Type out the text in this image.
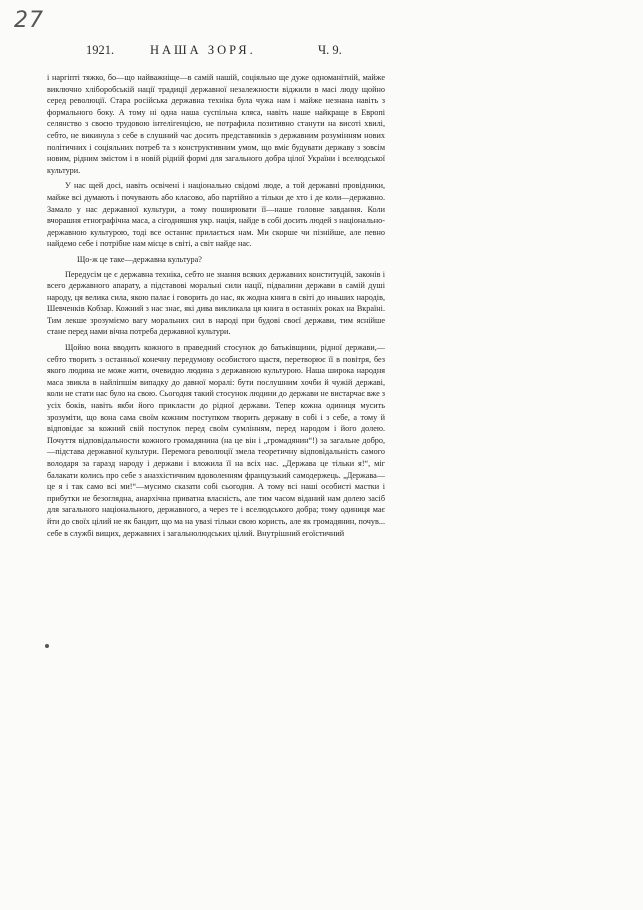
27
1921.	НАША ЗОРЯ.	Ч. 9.

і наргіпті тяжко, бо—що найважніще—в самій нашій, соціяльно ще дуже одноманітній, майже виключно хліборобській нації традиції державної незалежности віджили в масі люду щойно серед революції. Стара російська державна техніка була чужа нам і майже незнана навіть з формального боку. А тому ні одна наша суспільна кляса, навіть наше найкраще в Европі селянство з своєю трудовою інтелігенцією, не потрафила позитивно станути на висоті хвилі, себто, не викинула з себе в слушний час досить представників з державним розумінням нових політичних і соціяльних потреб та з конструктивним умом, що вміє будувати державу з зовсім новим, рідним змістом і в новій рідній формі для загального добра цілої України і вселюдської культури.

У нас щей досі, навіть освічені і національно свідомі люде, а той державні провідники, майже всі думають і почувають або класово, або партійно а тільки де хто і де коли—державно. Замало у нас державної культури, а тому поширювати її—наше головне завдання. Коли вчорашня етнографічна маса, а сігодняшня укр. нація, найде в собі досить людей з національно-державною культурою, тоді все останнє прилається нам. Ми скорше чи пізнійше, але певно найдемо себе і потрібне нам місце в світі, а світ найде нас.

Що-ж це таке—державна культура?

Передусім це є державна техніка, себто не знання всяких державних конституцій, законів і всего державного апарату, а підставові моральні сили нації, підвалини держави в самій душі народу, ця велика сила, якою палає і говорить до нас, як жодна книга в світі до иньших народів, Шевченків Кобзар. Кожний з нас знає, які дива викликала ця книга в останніх роках на Вкраїні. Тим лекше зрозуміємо вагу моральних сил в народі при будові своєї держави, тим яснійше стане перед нами вічна потреба державної культури.

Щойно вона вводить кожного в праведний стосунок до батьківщини, рідної держави,—себто творить з останньої конечну передумову особистого щастя, перетворює її в повітря, без якого людина не може жити, очевидно людина з державною культурою. Наша широка народня маса звикла в найліпшім випадку до давної моралі: бути послушним хочби й чужій державі, коли не стати нас було на свою. Сьогодня такий стосунок людини до держави не вистарчає вже з усіх боків, навіть якби його прикласти до рідної держави. Тепер кожна одиниця мусить зрозуміти, що вона сама своїм кожним поступком творить державу в собі і з себе, а тому й відповідає за кожний свій поступок перед своїм сумлінням, перед народом і його долею. Почуття відповідальности кожного громадянина (на це він і „громадянин“!) за загальне добро,—підстава державної культури. Перемога революції змела теоретичну відповідальність самого володаря за гаразд народу і держави і вложила її на всіх нас. „Держава це тільки я!“, міг балакати колись про себе з аназхістичним вдоволенням французький самодержець. „Держава—це я і так само всі ми!“—мусимо сказати собі сьогодня. А тому всі наші особисті мастки і прибутки не безоглядна, анархічна приватна власність, але тим часом віданий нам долею засіб для загального національного, державного, а через те і вселюдського добра; тому одиниця має йти до своїх цілий не як бандит, що ма на увазі тільки свою користь, але як громадянин, почув... себе в службі вищих, державних і загальнолюдських цілий. Внутрішний егоїстичний
